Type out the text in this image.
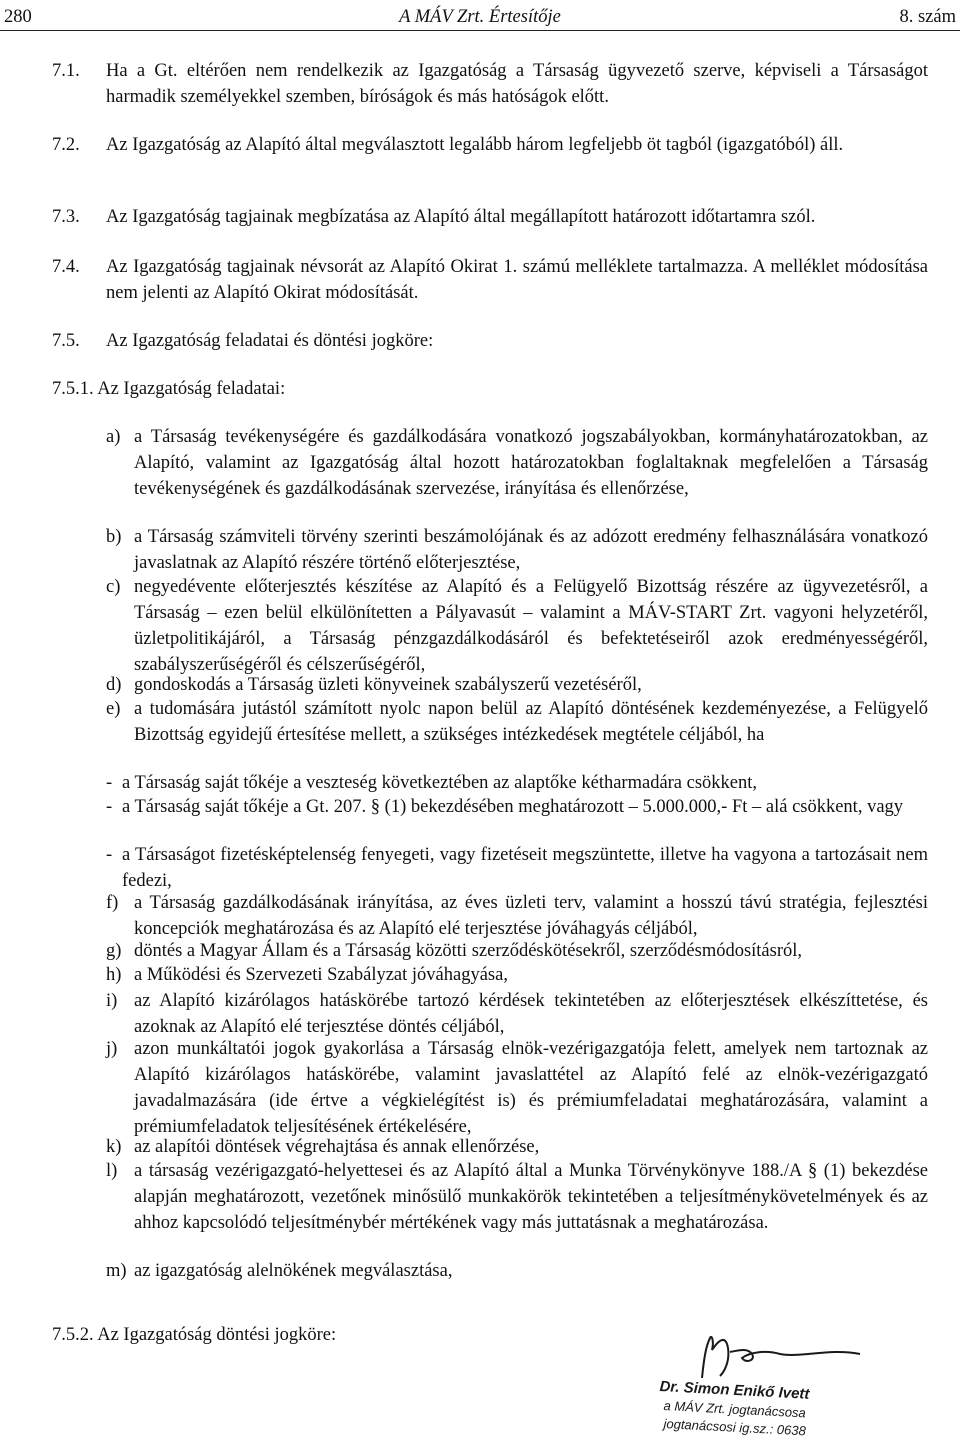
280	A MÁV Zrt. Értesítője	8. szám
7.1. Ha a Gt. eltérően nem rendelkezik az Igazgatóság a Társaság ügyvezető szerve, képviseli a Társaságot harmadik személyekkel szemben, bíróságok és más hatóságok előtt.
7.2. Az Igazgatóság az Alapító által megválasztott legalább három legfeljebb öt tagból (igazgatóból) áll.
7.3. Az Igazgatóság tagjainak megbízatása az Alapító által megállapított határozott időtartamra szól.
7.4. Az Igazgatóság tagjainak névsorát az Alapító Okirat 1. számú melléklete tartalmazza. A melléklet módosítása nem jelenti az Alapító Okirat módosítását.
7.5. Az Igazgatóság feladatai és döntési jogköre:
7.5.1. Az Igazgatóság feladatai:
a) a Társaság tevékenységére és gazdálkodására vonatkozó jogszabályokban, kormányhatározatokban, az Alapító, valamint az Igazgatóság által hozott határozatokban foglaltaknak megfelelően a Társaság tevékenységének és gazdálkodásának szervezése, irányítása és ellenőrzése,
b) a Társaság számviteli törvény szerinti beszámolójának és az adózott eredmény felhasználására vonatkozó javaslatnak az Alapító részére történő előterjesztése,
c) negyedévente előterjesztés készítése az Alapító és a Felügyelő Bizottság részére az ügyvezetésről, a Társaság – ezen belül elkülönítetten a Pályavasút – valamint a MÁV-START Zrt. vagyoni helyzetéről, üzletpolitikájáról, a Társaság pénzgazdálkodásáról és befektetéseiről azok eredményességéről, szabályszerűségéről és célszerűségéről,
d) gondoskodás a Társaság üzleti könyveinek szabályszerű vezetéséről,
e) a tudomására jutástól számított nyolc napon belül az Alapító döntésének kezdeményezése, a Felügyelő Bizottság egyidejű értesítése mellett, a szükséges intézkedések megtétele céljából, ha
- a Társaság saját tőkéje a veszteség következtében az alaptőke kétharmadára csökkent,
- a Társaság saját tőkéje a Gt. 207. § (1) bekezdésében meghatározott – 5.000.000,- Ft – alá csökkent, vagy
- a Társaságot fizetésképtelenség fenyegeti, vagy fizetéseit megszüntette, illetve ha vagyona a tartozásait nem fedezi,
f) a Társaság gazdálkodásának irányítása, az éves üzleti terv, valamint a hosszú távú stratégia, fejlesztési koncepciók meghatározása és az Alapító elé terjesztése jóváhagyás céljából,
g) döntés a Magyar Állam és a Társaság közötti szerződéskötésekről, szerződésmódosításról,
h) a Működési és Szervezeti Szabályzat jóváhagyása,
i) az Alapító kizárólagos hatáskörébe tartozó kérdések tekintetében az előterjesztések elkészíttetése, és azoknak az Alapító elé terjesztése döntés céljából,
j) azon munkáltatói jogok gyakorlása a Társaság elnök-vezérigazgatója felett, amelyek nem tartoznak az Alapító kizárólagos hatáskörébe, valamint javaslattétel az Alapító felé az elnök-vezérigazgató javadalmazására (ide értve a végkielégítést is) és prémiumfeladatai meghatározására, valamint a prémiumfeladatok teljesítésének értékelésére,
k) az alapítói döntések végrehajtása és annak ellenőrzése,
l) a társaság vezérigazgató-helyettesei és az Alapító által a Munka Törvénykönyve 188./A § (1) bekezdése alapján meghatározott, vezetőnek minősülő munkakörök tekintetében a teljesítménykövetelmények és az ahhoz kapcsolódó teljesítménybér mértékének vagy más juttatásnak a meghatározása.
m) az igazgatóság alelnökének megválasztása,
7.5.2. Az Igazgatóság döntési jogköre:
Dr. Simon Enikő Ivett
a MÁV Zrt. jogtanácsosa
jogtanácsosi ig.sz.: 0638
